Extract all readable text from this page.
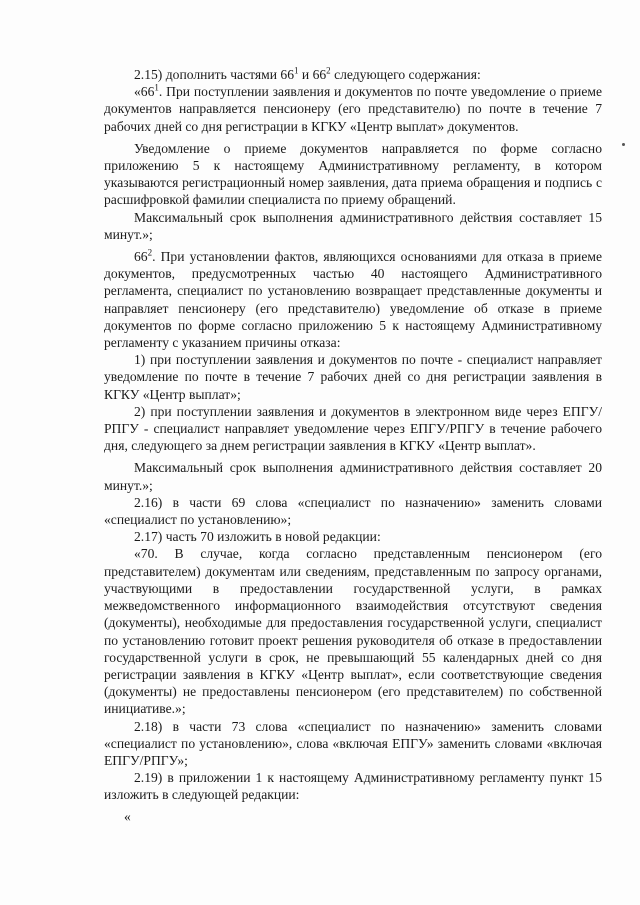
2.15) дополнить частями $66^1$ и $66^2$ следующего содержания:

«$66^1$. При поступлении заявления и документов по почте уведомление о приеме документов направляется пенсионеру (его представителю) по почте в течение 7 рабочих дней со дня регистрации в КГКУ «Центр выплат» документов.

Уведомление о приеме документов направляется по форме согласно приложению 5 к настоящему Административному регламенту, в котором указываются регистрационный номер заявления, дата приема обращения и подпись с расшифровкой фамилии специалиста по приему обращений.

Максимальный срок выполнения административного действия составляет 15 минут.»;

$66^2$. При установлении фактов, являющихся основаниями для отказа в приеме документов, предусмотренных частью 40 настоящего Административного регламента, специалист по установлению возвращает представленные документы и направляет пенсионеру (его представителю) уведомление об отказе в приеме документов по форме согласно приложению 5 к настоящему Административному регламенту с указанием причины отказа:

1) при поступлении заявления и документов по почте - специалист направляет уведомление по почте в течение 7 рабочих дней со дня регистрации заявления в КГКУ «Центр выплат»;

2) при поступлении заявления и документов в электронном виде через ЕПГУ/РПГУ - специалист направляет уведомление через ЕПГУ/РПГУ в течение рабочего дня, следующего за днем регистрации заявления в КГКУ «Центр выплат».

Максимальный срок выполнения административного действия составляет 20 минут.»;

2.16) в части 69 слова «специалист по назначению» заменить словами «специалист по установлению»;

2.17) часть 70 изложить в новой редакции:

«70. В случае, когда согласно представленным пенсионером (его представителем) документам или сведениям, представленным по запросу органами, участвующими в предоставлении государственной услуги, в рамках межведомственного информационного взаимодействия отсутствуют сведения (документы), необходимые для предоставления государственной услуги, специалист по установлению готовит проект решения руководителя об отказе в предоставлении государственной услуги в срок, не превышающий 55 календарных дней со дня регистрации заявления в КГКУ «Центр выплат», если соответствующие сведения (документы) не предоставлены пенсионером (его представителем) по собственной инициативе.»;

2.18) в части 73 слова «специалист по назначению» заменить словами «специалист по установлению», слова «включая ЕПГУ» заменить словами «включая ЕПГУ/РПГУ»;

2.19) в приложении 1 к настоящему Административному регламенту пункт 15 изложить в следующей редакции:

«
